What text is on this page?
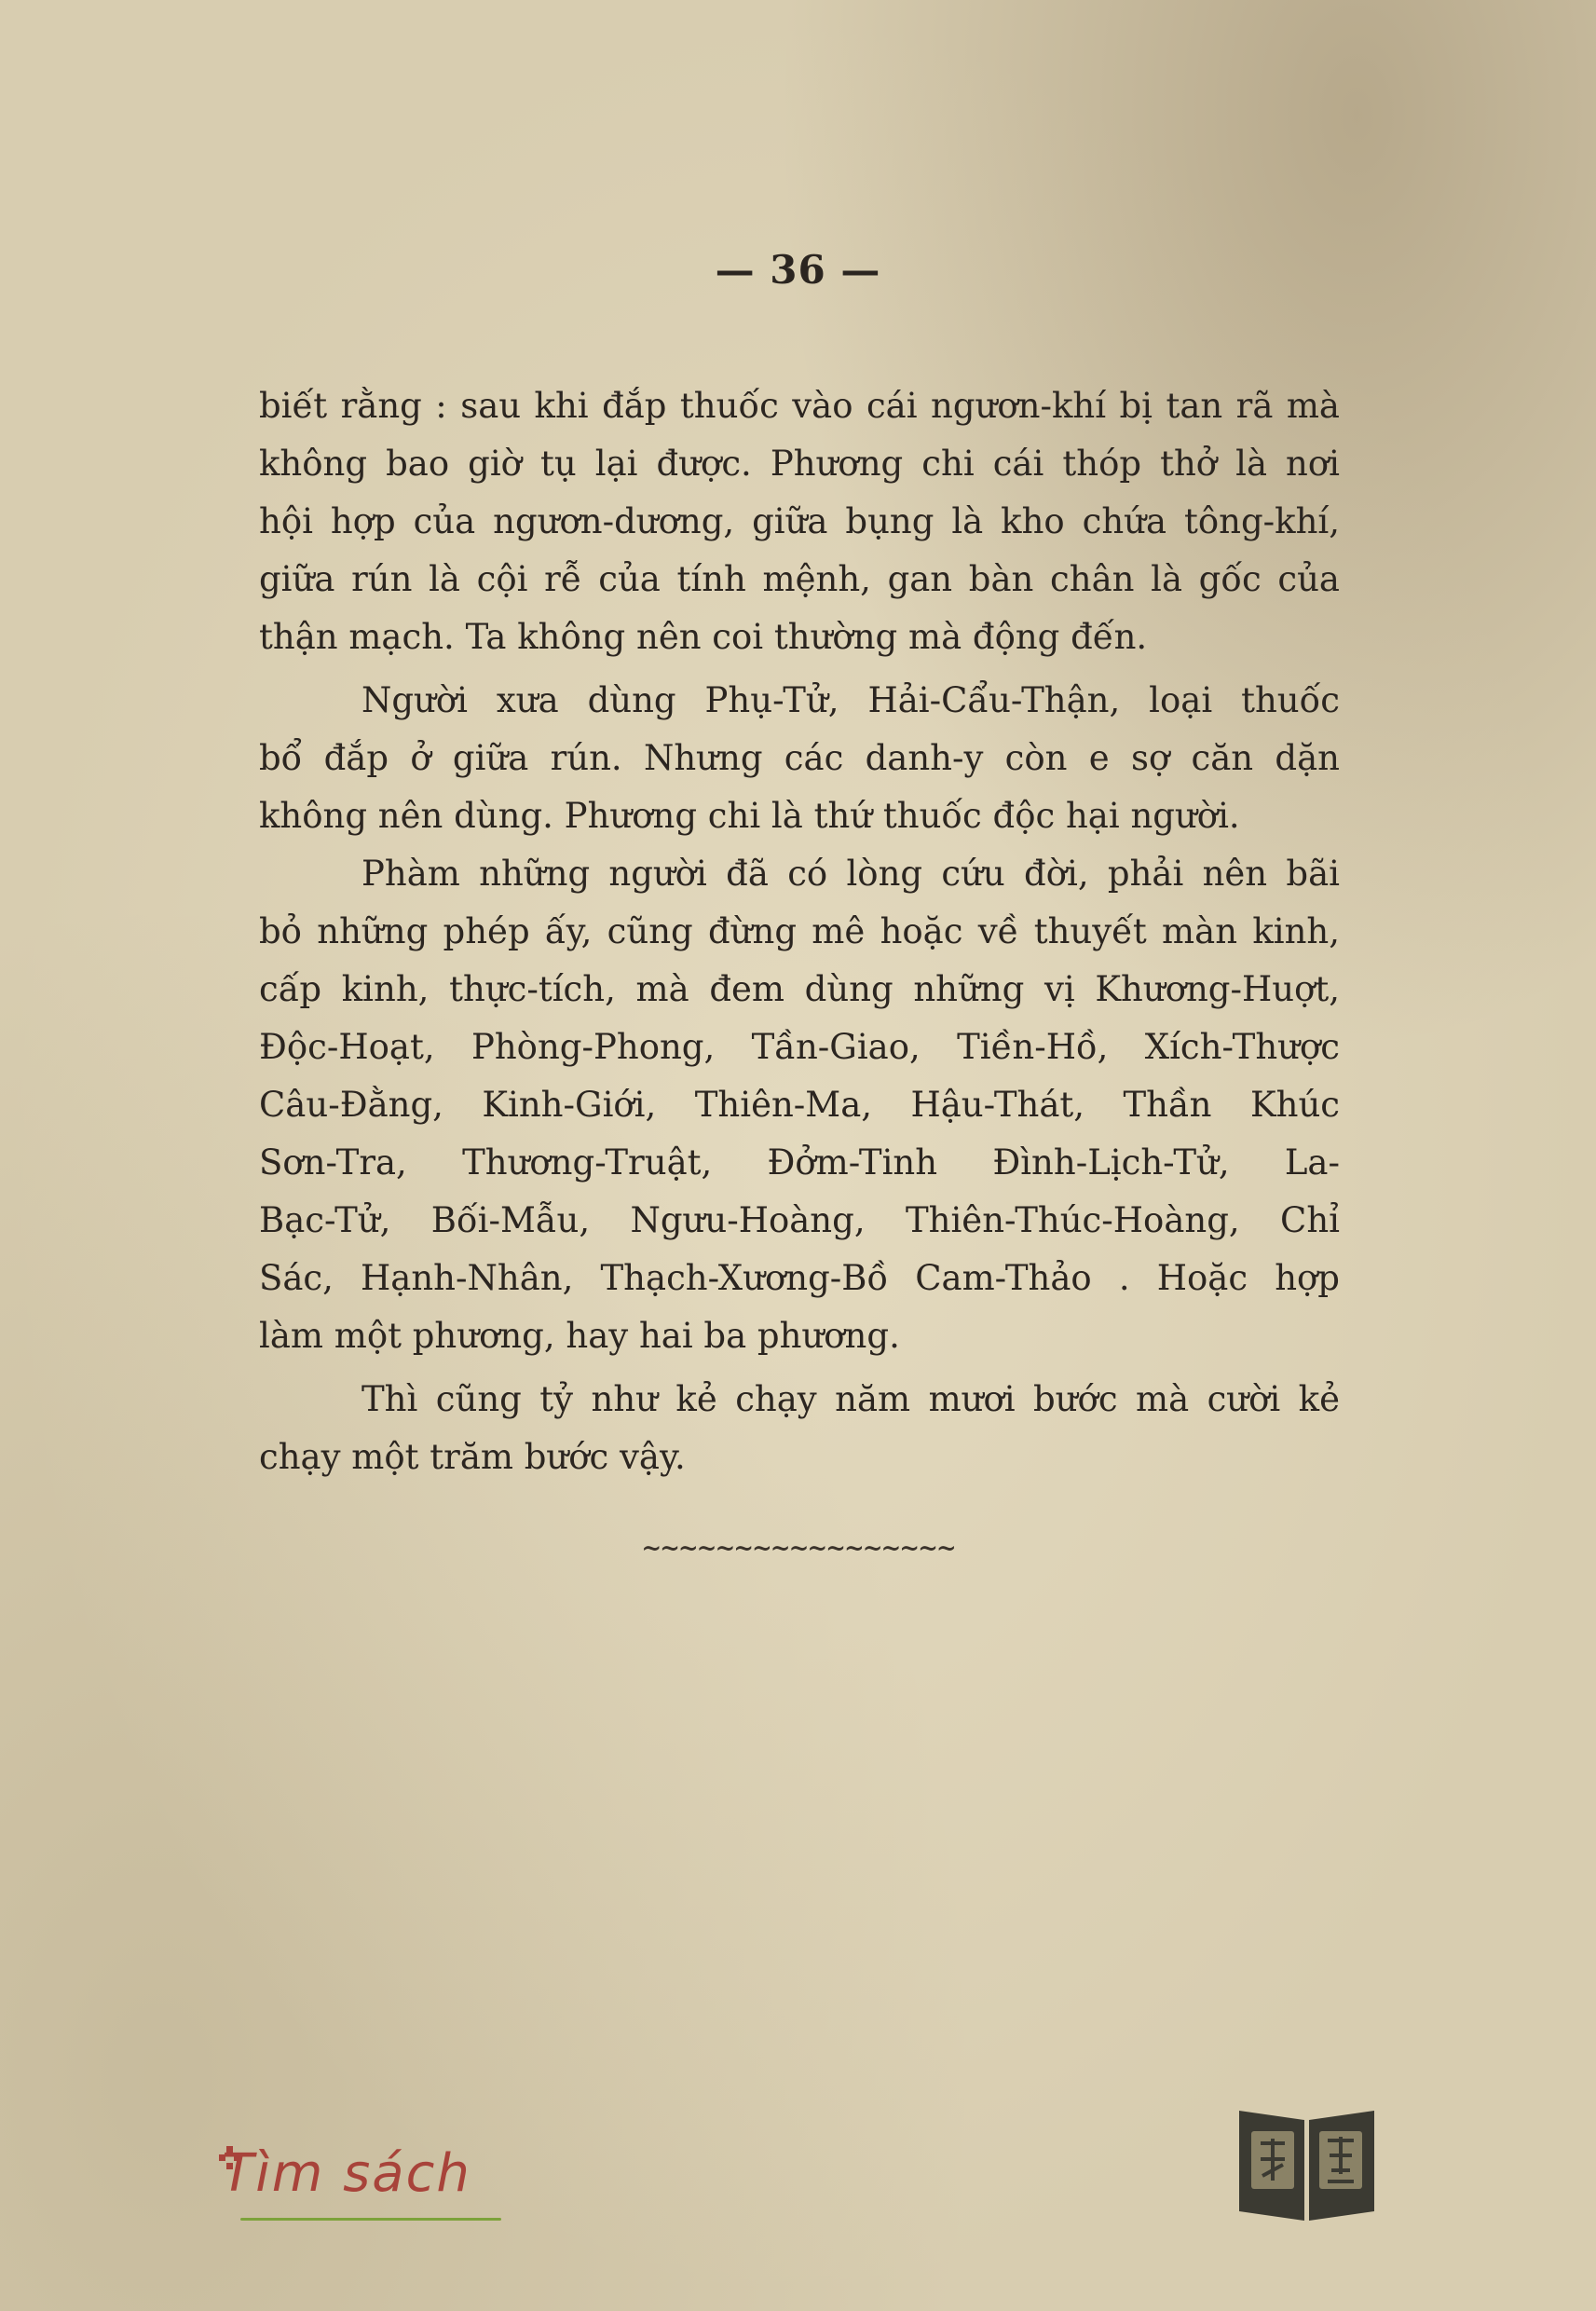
— 36 —
biết rằng : sau khi đắp thuốc vào cái ngươn-khí bị tan rã mà
không bao giờ tụ lại được. Phương chi cái thóp thở là nơi
hội hợp của ngươn-dương, giữa bụng là kho chứa tông-khí,
giữa rún là cội rễ của tính mệnh, gan bàn chân là gốc của
thận mạch. Ta không nên coi thường mà động đến.
Người xưa dùng Phụ-Tử, Hải-Cẩu-Thận, loại thuốc
bổ đắp ở giữa rún. Nhưng các danh-y còn e sợ căn dặn
không nên dùng. Phương chi là thứ thuốc độc hại người.
Phàm những người đã có lòng cứu đời, phải nên bãi
bỏ những phép ấy, cũng đừng mê hoặc về thuyết màn kinh,
cấp kinh, thực-tích, mà đem dùng những vị Khương-Huợt,
Độc-Hoạt, Phòng-Phong, Tần-Giao, Tiền-Hồ, Xích-Thược
Câu-Đằng, Kinh-Giới, Thiên-Ma, Hậu-Thát, Thần Khúc
Sơn-Tra, Thương-Truật, Đởm-Tinh Đình-Lịch-Tử, La-
Bạc-Tử, Bối-Mẫu, Ngưu-Hoàng, Thiên-Thúc-Hoàng, Chỉ
Sác, Hạnh-Nhân, Thạch-Xương-Bồ Cam-Thảo . Hoặc hợp
làm một phương, hay hai ba phương.
Thì cũng tỷ như kẻ chạy năm mươi bước mà cười kẻ
chạy một trăm bước vậy.
~~~~~~~~~~~~~~~~~
Tìm sách
